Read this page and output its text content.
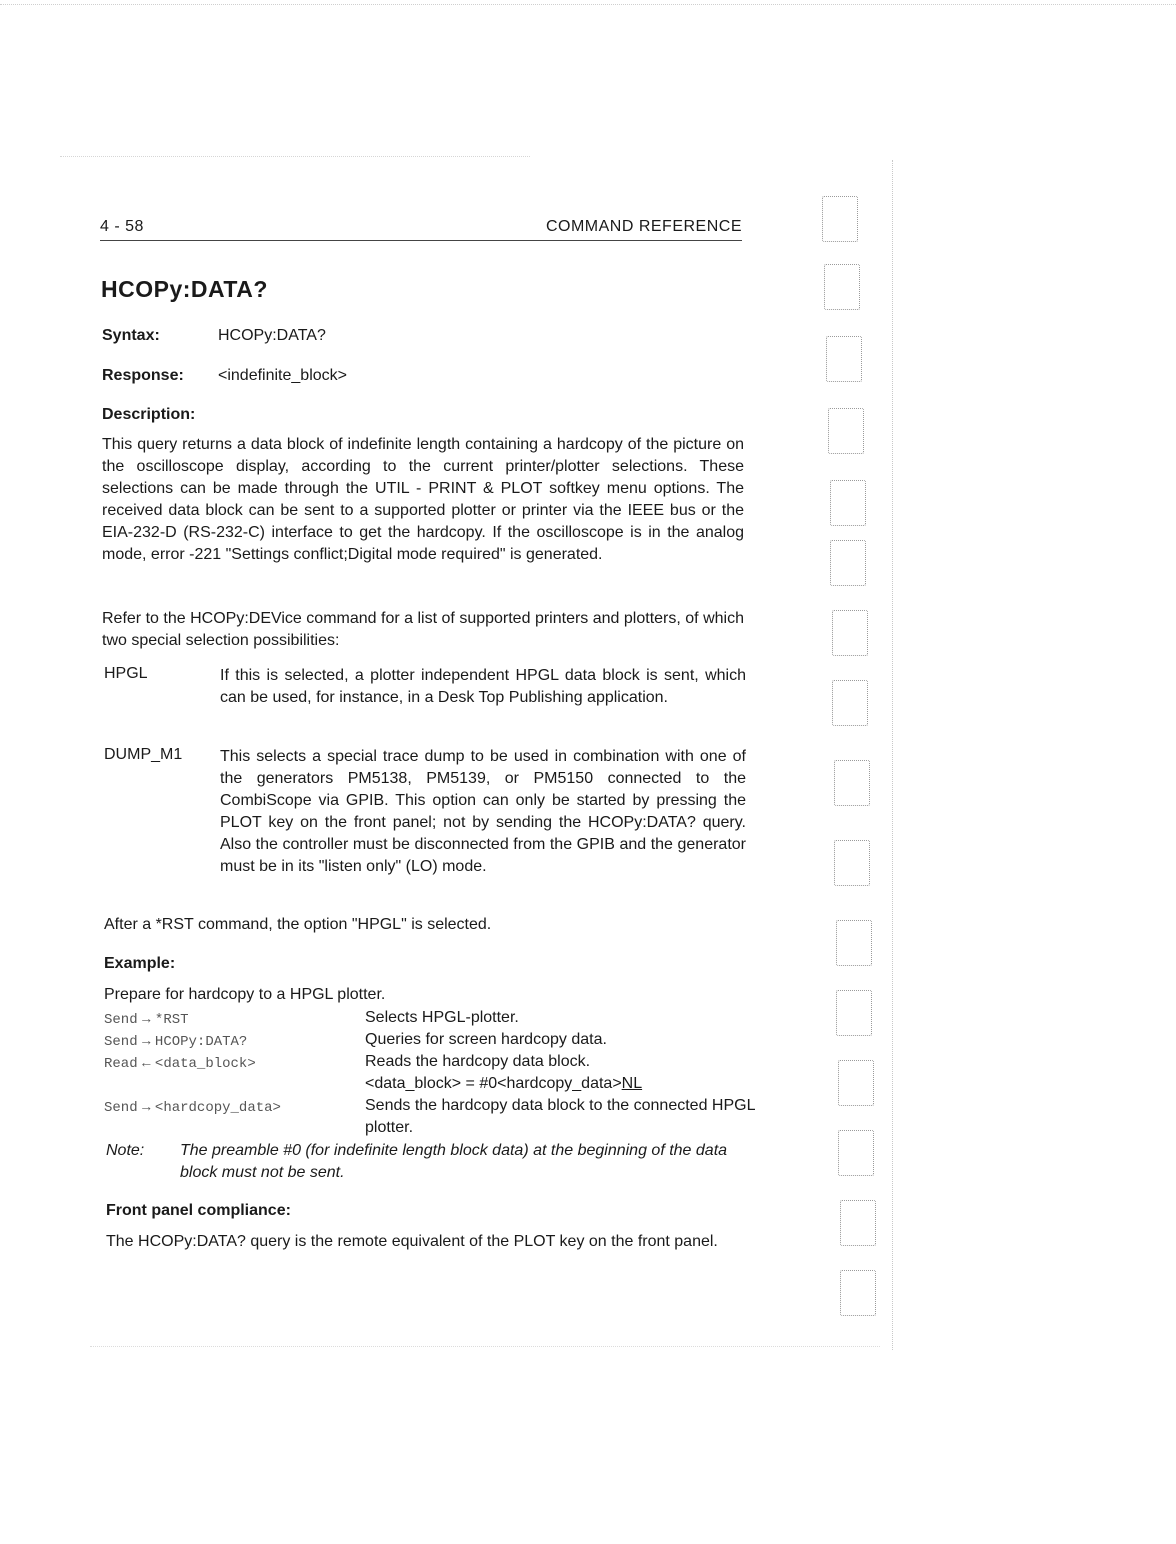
4 - 58	COMMAND REFERENCE
HCOPy:DATA?
Syntax:	HCOPy:DATA?
Response: <indefinite_block>
Description:
This query returns a data block of indefinite length containing a hardcopy of the picture on the oscilloscope display, according to the current printer/plotter selections. These selections can be made through the UTIL - PRINT & PLOT softkey menu options. The received data block can be sent to a supported plotter or printer via the IEEE bus or the EIA-232-D (RS-232-C) interface to get the hardcopy. If the oscilloscope is in the analog mode, error -221 "Settings conflict;Digital mode required" is generated.
Refer to the HCOPy:DEVice command for a list of supported printers and plotters, of which two special selection possibilities:
HPGL	If this is selected, a plotter independent HPGL data block is sent, which can be used, for instance, in a Desk Top Publishing application.
DUMP_M1 This selects a special trace dump to be used in combination with one of the generators PM5138, PM5139, or PM5150 connected to the CombiScope via GPIB. This option can only be started by pressing the PLOT key on the front panel; not by sending the HCOPy:DATA? query. Also the controller must be disconnected from the GPIB and the generator must be in its "listen only" (LO) mode.
After a *RST command, the option "HPGL" is selected.
Example:
Prepare for hardcopy to a HPGL plotter.
Send → *RST	Selects HPGL-plotter.
Send → HCOPy:DATA?	Queries for screen hardcopy data.
Read ← <data_block>	Reads the hardcopy data block.
<data_block> = #0<hardcopy_data>NL
Send → <hardcopy_data>	Sends the hardcopy data block to the connected HPGL plotter.
Note: The preamble #0 (for indefinite length block data) at the beginning of the data block must not be sent.
Front panel compliance:
The HCOPy:DATA? query is the remote equivalent of the PLOT key on the front panel.
